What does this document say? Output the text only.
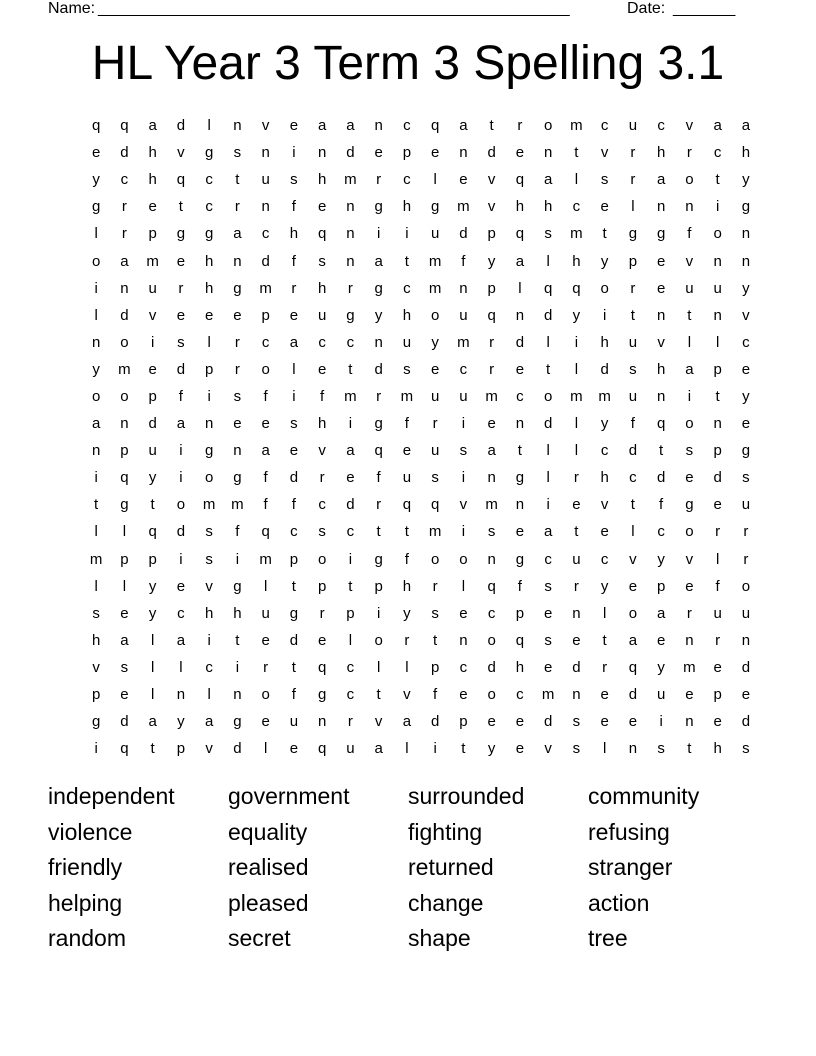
Name: _____________________________________________________	Date: _______
HL Year 3 Term 3 Spelling 3.1
q	q	a	d	l	n	v	e	a	a	n	c	q	a	t	r	o	m	c	u	c	v	a	a
e	d	h	v	g	s	n	i	n	d	e	p	e	n	d	e	n	t	v	r	h	r	c	h
y	c	h	q	c	t	u	s	h	m	r	c	l	e	v	q	a	l	s	r	a	o	t	y
g	r	e	t	c	r	n	f	e	n	g	h	g	m	v	h	h	c	e	l	n	n	i	g
l	r	p	g	g	a	c	h	q	n	i	i	u	d	p	q	s	m	t	g	g	f	o	n
o	a	m	e	h	n	d	f	s	n	a	t	m	f	y	a	l	h	y	p	e	v	n	n
i	n	u	r	h	g	m	r	h	r	g	c	m	n	p	l	q	q	o	r	e	u	u	y
l	d	v	e	e	e	p	e	u	g	y	h	o	u	q	n	d	y	i	t	n	t	n	v
n	o	i	s	l	r	c	a	c	c	n	u	y	m	r	d	l	i	h	u	v	l	l	c
y	m	e	d	p	r	o	l	e	t	d	s	e	c	r	e	t	l	d	s	h	a	p	e
o	o	p	f	i	s	f	i	f	m	r	m	u	u	m	c	o	m	m	u	n	i	t	y
a	n	d	a	n	e	e	s	h	i	g	f	r	i	e	n	d	l	y	f	q	o	n	e
n	p	u	i	g	n	a	e	v	a	q	e	u	s	a	t	l	l	c	d	t	s	p	g
i	q	y	i	o	g	f	d	r	e	f	u	s	i	n	g	l	r	h	c	d	e	d	s
t	g	t	o	m	m	f	f	c	d	r	q	q	v	m	n	i	e	v	t	f	g	e	u
l	l	q	d	s	f	q	c	s	c	t	t	m	i	s	e	a	t	e	l	c	o	r	r
m	p	p	i	s	i	m	p	o	i	g	f	o	o	n	g	c	u	c	v	y	v	l	r
l	l	y	e	v	g	l	t	p	t	p	h	r	l	q	f	s	r	y	e	p	e	f	o
s	e	y	c	h	h	u	g	r	p	i	y	s	e	c	p	e	n	l	o	a	r	u	u
h	a	l	a	i	t	e	d	e	l	o	r	t	n	o	q	s	e	t	a	e	n	r	n
v	s	l	l	c	i	r	t	q	c	l	l	p	c	d	h	e	d	r	q	y	m	e	d
p	e	l	n	l	n	o	f	g	c	t	v	f	e	o	c	m	n	e	d	u	e	p	e
g	d	a	y	a	g	e	u	n	r	v	a	d	p	e	e	d	s	e	e	i	n	e	d
i	q	t	p	v	d	l	e	q	u	a	l	i	t	y	e	v	s	l	n	s	t	h	s
independent	government	surrounded	community
violence	equality	fighting	refusing
friendly	realised	returned	stranger
helping	pleased	change	action
random	secret	shape	tree
